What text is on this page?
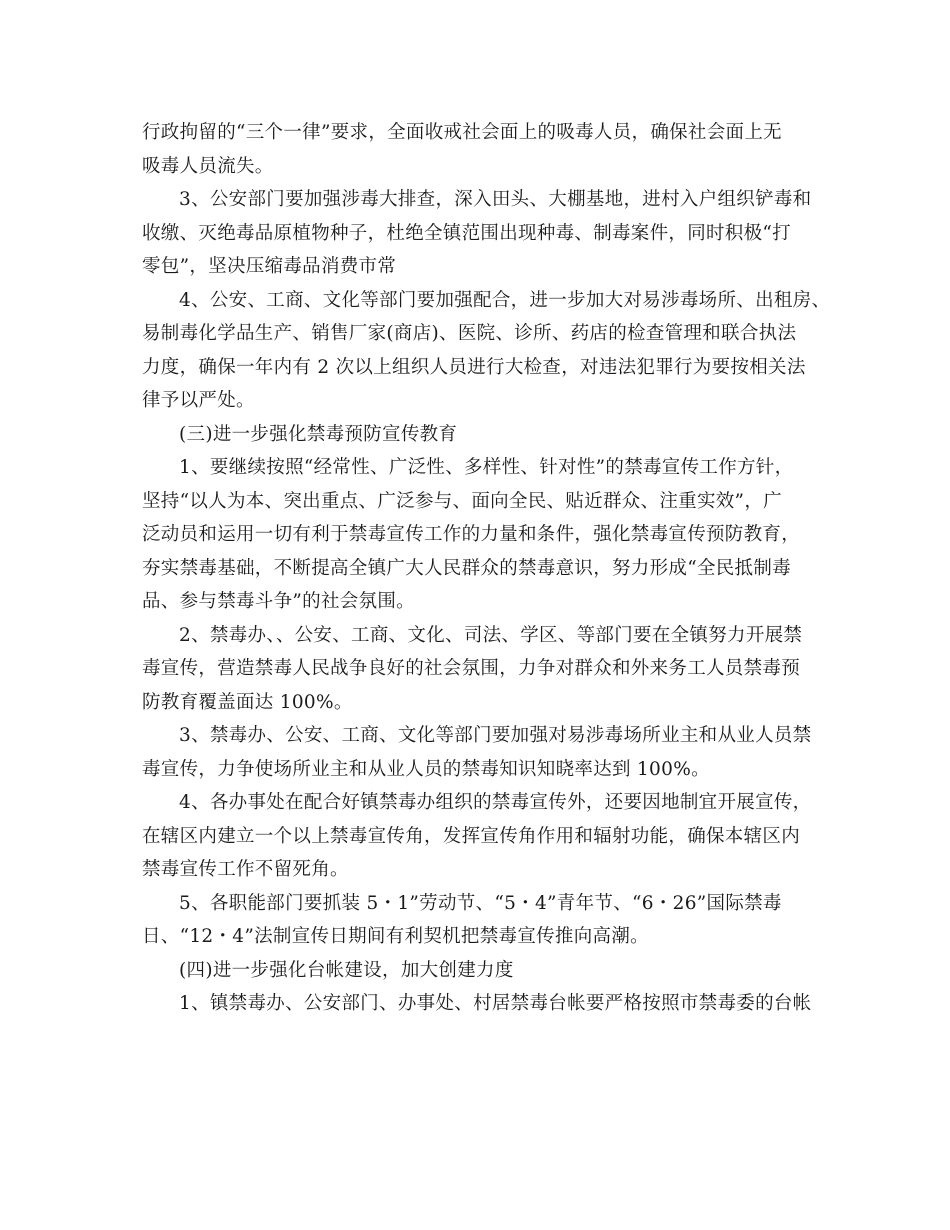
行政拘留的“三个一律”要求，全面收戒社会面上的吸毒人员，确保社会面上无
吸毒人员流失。
3、公安部门要加强涉毒大排查，深入田头、大棚基地，进村入户组织铲毒和
收缴、灭绝毒品原植物种子，杜绝全镇范围出现种毒、制毒案件，同时积极“打
零包”，坚决压缩毒品消费市常
4、公安、工商、文化等部门要加强配合，进一步加大对易涉毒场所、出租房、
易制毒化学品生产、销售厂家(商店)、医院、诊所、药店的检查管理和联合执法
力度，确保一年内有 2 次以上组织人员进行大检查，对违法犯罪行为要按相关法
律予以严处。
(三)进一步强化禁毒预防宣传教育
1、要继续按照“经常性、广泛性、多样性、针对性”的禁毒宣传工作方针，
坚持“以人为本、突出重点、广泛参与、面向全民、贴近群众、注重实效”，广
泛动员和运用一切有利于禁毒宣传工作的力量和条件，强化禁毒宣传预防教育，
夯实禁毒基础，不断提高全镇广大人民群众的禁毒意识，努力形成“全民抵制毒
品、参与禁毒斗争”的社会氛围。
2、禁毒办、、公安、工商、文化、司法、学区、等部门要在全镇努力开展禁
毒宣传，营造禁毒人民战争良好的社会氛围，力争对群众和外来务工人员禁毒预
防教育覆盖面达 100%。
3、禁毒办、公安、工商、文化等部门要加强对易涉毒场所业主和从业人员禁
毒宣传，力争使场所业主和从业人员的禁毒知识知晓率达到 100%。
4、各办事处在配合好镇禁毒办组织的禁毒宣传外，还要因地制宜开展宣传，
在辖区内建立一个以上禁毒宣传角，发挥宣传角作用和辐射功能，确保本辖区内
禁毒宣传工作不留死角。
5、各职能部门要抓装 5・1”劳动节、“5・4”青年节、“6・26”国际禁毒
日、“12・4”法制宣传日期间有利契机把禁毒宣传推向高潮。
(四)进一步强化台帐建设，加大创建力度
1、镇禁毒办、公安部门、办事处、村居禁毒台帐要严格按照市禁毒委的台帐
